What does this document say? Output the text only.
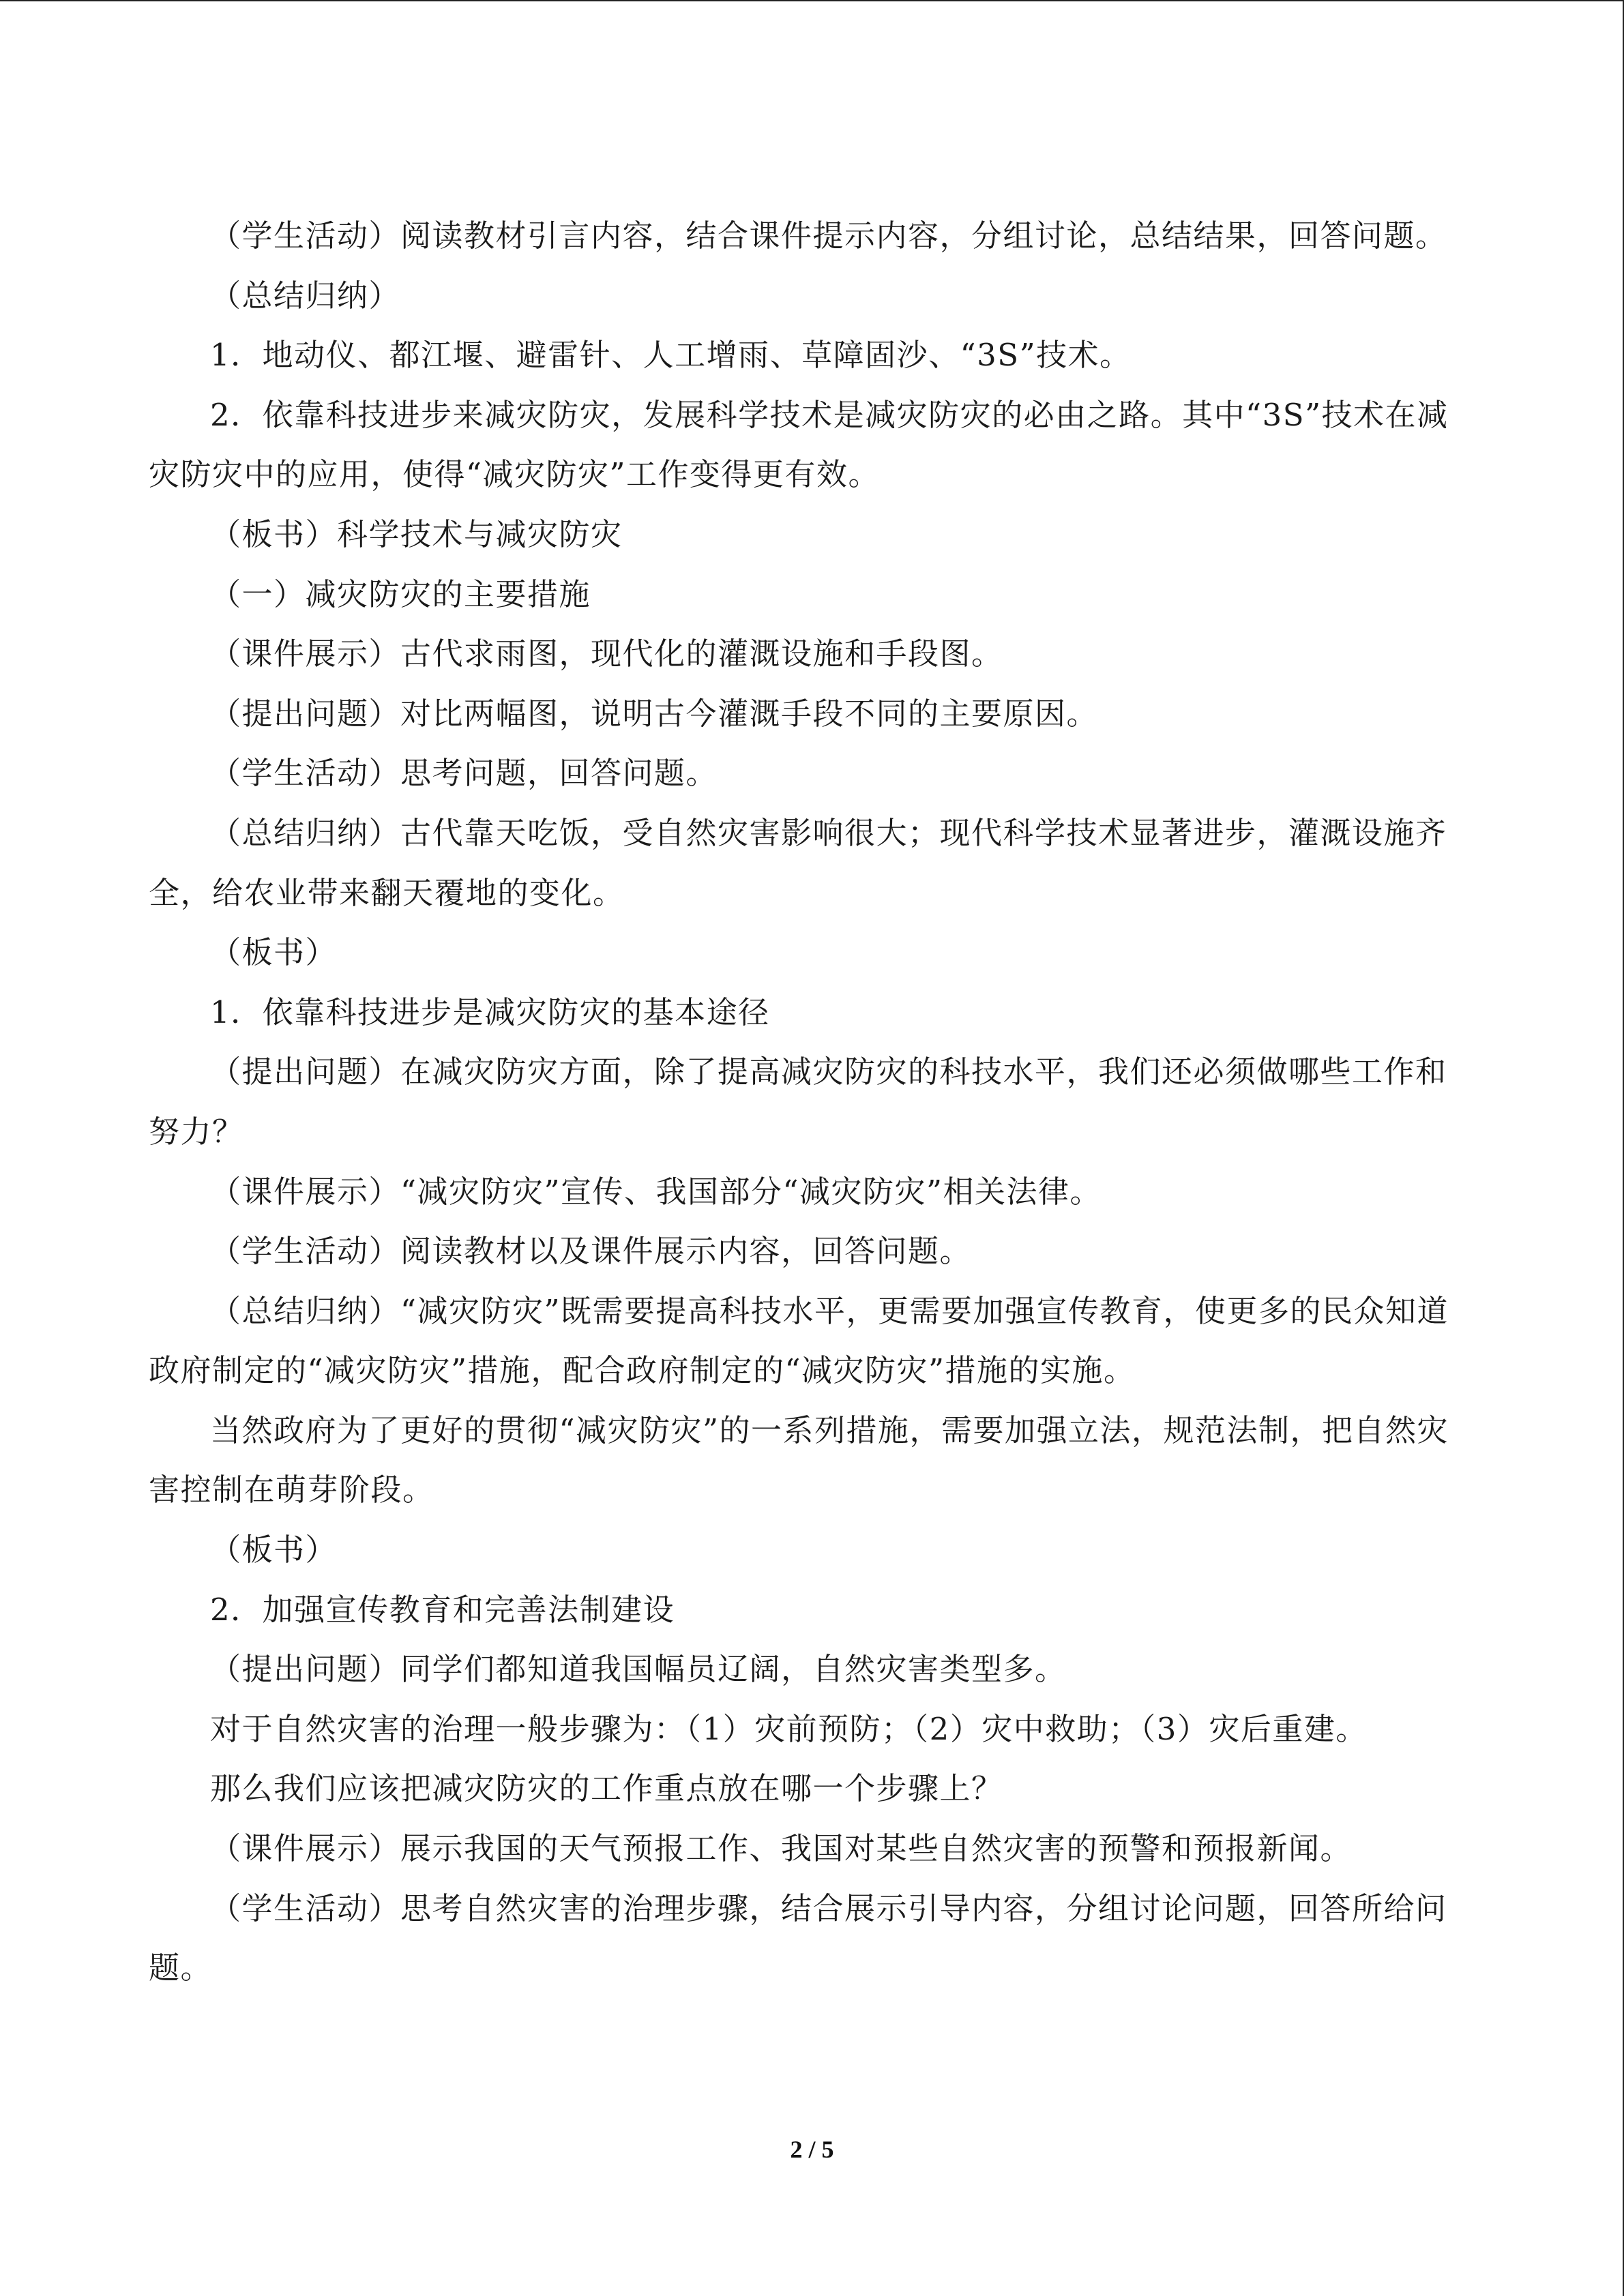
（学生活动）阅读教材引言内容，结合课件提示内容，分组讨论，总结结果，回答问题。

（总结归纳）

1．地动仪、都江堰、避雷针、人工增雨、草障固沙、“3S”技术。

2．依靠科技进步来减灾防灾，发展科学技术是减灾防灾的必由之路。其中“3S”技术在减灾防灾中的应用，使得“减灾防灾”工作变得更有效。

（板书）科学技术与减灾防灾

（一）减灾防灾的主要措施

（课件展示）古代求雨图，现代化的灌溉设施和手段图。

（提出问题）对比两幅图，说明古今灌溉手段不同的主要原因。

（学生活动）思考问题，回答问题。

（总结归纳）古代靠天吃饭，受自然灾害影响很大；现代科学技术显著进步，灌溉设施齐全，给农业带来翻天覆地的变化。

（板书）

1．依靠科技进步是减灾防灾的基本途径

（提出问题）在减灾防灾方面，除了提高减灾防灾的科技水平，我们还必须做哪些工作和努力？

（课件展示）“减灾防灾”宣传、我国部分“减灾防灾”相关法律。

（学生活动）阅读教材以及课件展示内容，回答问题。

（总结归纳）“减灾防灾”既需要提高科技水平，更需要加强宣传教育，使更多的民众知道政府制定的“减灾防灾”措施，配合政府制定的“减灾防灾”措施的实施。

当然政府为了更好的贯彻“减灾防灾”的一系列措施，需要加强立法，规范法制，把自然灾害控制在萌芽阶段。

（板书）

2．加强宣传教育和完善法制建设

（提出问题）同学们都知道我国幅员辽阔，自然灾害类型多。

对于自然灾害的治理一般步骤为：（1）灾前预防；（2）灾中救助；（3）灾后重建。

那么我们应该把减灾防灾的工作重点放在哪一个步骤上？

（课件展示）展示我国的天气预报工作、我国对某些自然灾害的预警和预报新闻。

（学生活动）思考自然灾害的治理步骤，结合展示引导内容，分组讨论问题，回答所给问题。

2 / 5
